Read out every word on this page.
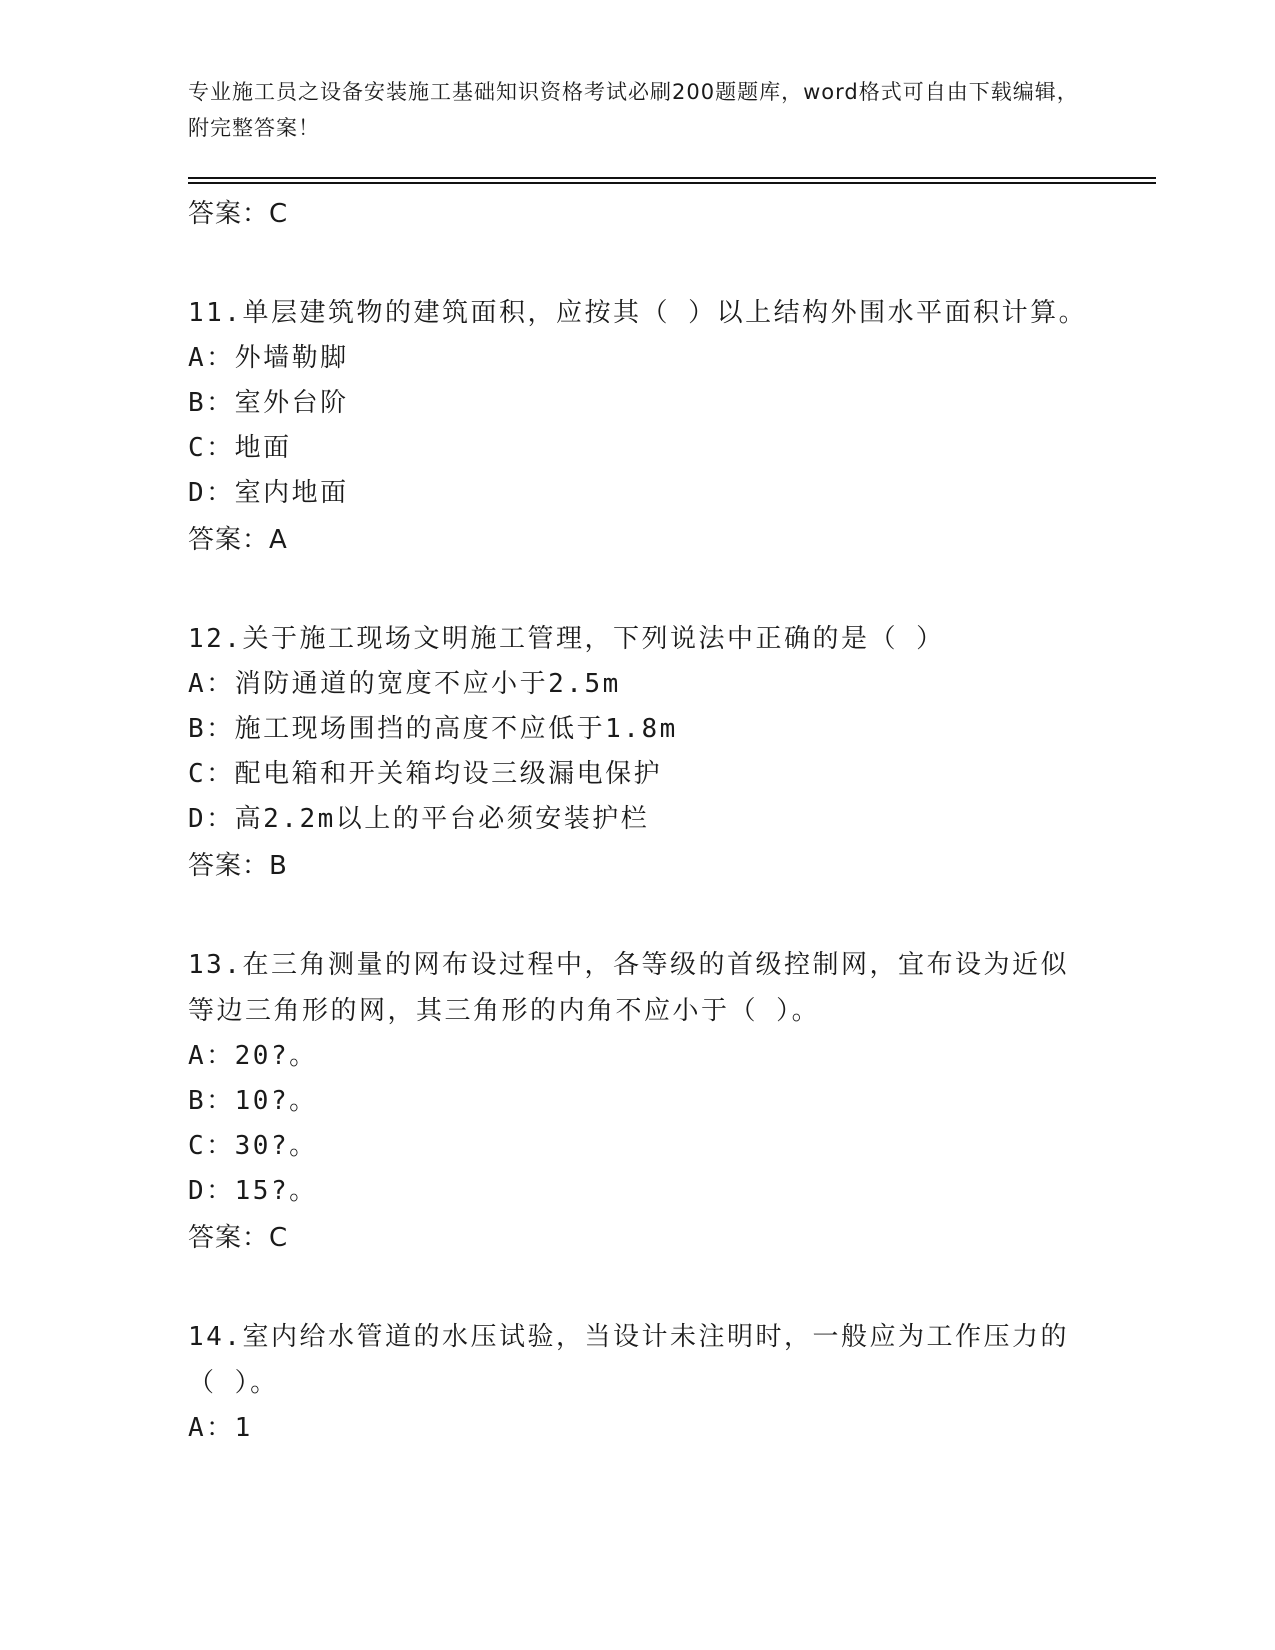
专业施工员之设备安装施工基础知识资格考试必刷200题题库，word格式可自由下载编辑，附完整答案！
答案：C
11.单层建筑物的建筑面积，应按其（ ）以上结构外围水平面积计算。
A：外墙勒脚
B：室外台阶
C：地面
D：室内地面
答案：A
12.关于施工现场文明施工管理，下列说法中正确的是（ ）
A：消防通道的宽度不应小于2.5m
B：施工现场围挡的高度不应低于1.8m
C：配电箱和开关箱均设三级漏电保护
D：高2.2m以上的平台必须安装护栏
答案：B
13.在三角测量的网布设过程中，各等级的首级控制网，宜布设为近似等边三角形的网，其三角形的内角不应小于（ ）。
A：20?。
B：10?。
C：30?。
D：15?。
答案：C
14.室内给水管道的水压试验，当设计未注明时，一般应为工作压力的（ ）。
A：1
